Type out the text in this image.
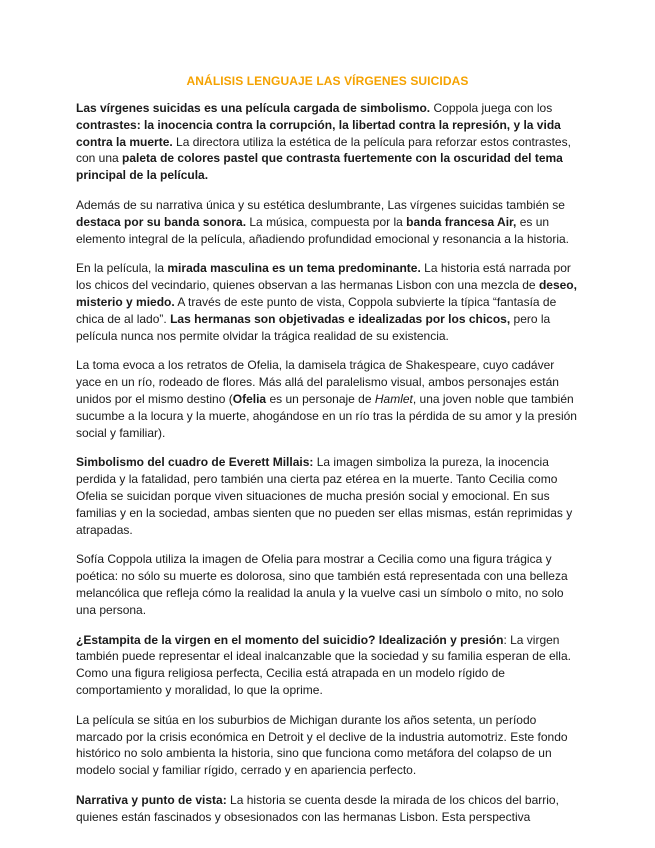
ANÁLISIS LENGUAJE LAS VÍRGENES SUICIDAS

Las vírgenes suicidas es una película cargada de simbolismo. Coppola juega con los contrastes: la inocencia contra la corrupción, la libertad contra la represión, y la vida contra la muerte. La directora utiliza la estética de la película para reforzar estos contrastes, con una paleta de colores pastel que contrasta fuertemente con la oscuridad del tema principal de la película.

Además de su narrativa única y su estética deslumbrante, Las vírgenes suicidas también se destaca por su banda sonora. La música, compuesta por la banda francesa Air, es un elemento integral de la película, añadiendo profundidad emocional y resonancia a la historia.

En la película, la mirada masculina es un tema predominante. La historia está narrada por los chicos del vecindario, quienes observan a las hermanas Lisbon con una mezcla de deseo, misterio y miedo. A través de este punto de vista, Coppola subvierte la típica “fantasía de chica de al lado”. Las hermanas son objetivadas e idealizadas por los chicos, pero la película nunca nos permite olvidar la trágica realidad de su existencia.

La toma evoca a los retratos de Ofelia, la damisela trágica de Shakespeare, cuyo cadáver yace en un río, rodeado de flores. Más allá del paralelismo visual, ambos personajes están unidos por el mismo destino (Ofelia es un personaje de Hamlet, una joven noble que también sucumbe a la locura y la muerte, ahogándose en un río tras la pérdida de su amor y la presión social y familiar).

Simbolismo del cuadro de Everett Millais: La imagen simboliza la pureza, la inocencia perdida y la fatalidad, pero también una cierta paz etérea en la muerte. Tanto Cecilia como Ofelia se suicidan porque viven situaciones de mucha presión social y emocional. En sus familias y en la sociedad, ambas sienten que no pueden ser ellas mismas, están reprimidas y atrapadas.

Sofía Coppola utiliza la imagen de Ofelia para mostrar a Cecilia como una figura trágica y poética: no sólo su muerte es dolorosa, sino que también está representada con una belleza melancólica que refleja cómo la realidad la anula y la vuelve casi un símbolo o mito, no solo una persona.

¿Estampita de la virgen en el momento del suicidio? Idealización y presión: La virgen también puede representar el ideal inalcanzable que la sociedad y su familia esperan de ella. Como una figura religiosa perfecta, Cecilia está atrapada en un modelo rígido de comportamiento y moralidad, lo que la oprime.

La película se sitúa en los suburbios de Michigan durante los años setenta, un período marcado por la crisis económica en Detroit y el declive de la industria automotriz. Este fondo histórico no solo ambienta la historia, sino que funciona como metáfora del colapso de un modelo social y familiar rígido, cerrado y en apariencia perfecto.

Narrativa y punto de vista: La historia se cuenta desde la mirada de los chicos del barrio, quienes están fascinados y obsesionados con las hermanas Lisbon. Esta perspectiva
